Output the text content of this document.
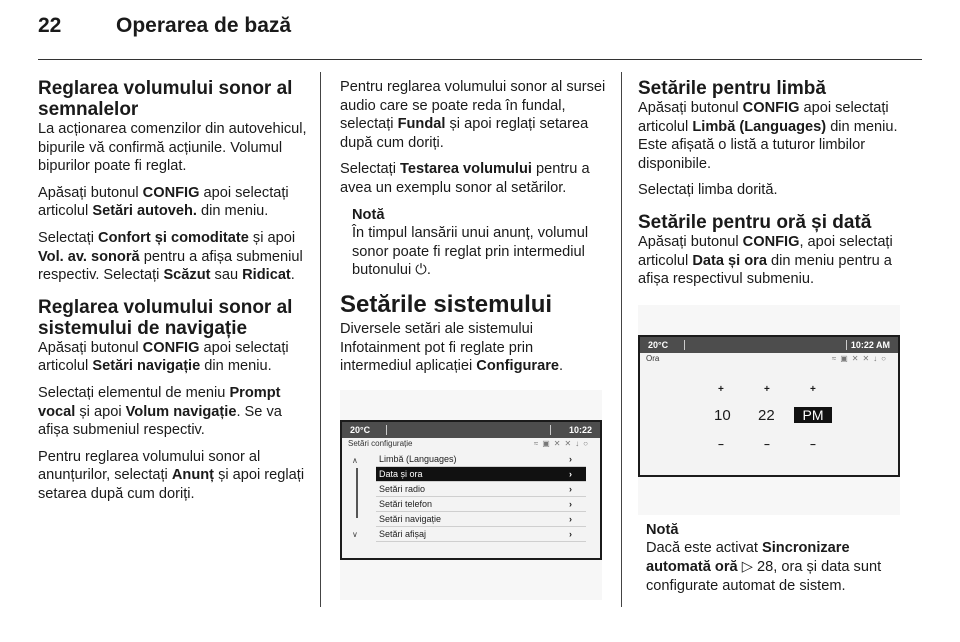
22	Operarea de bază
Reglarea volumului sonor al semnalelor

La acționarea comenzilor din autovehicul, bipurile vă confirmă acțiunile. Volumul bipurilor poate fi reglat.

Apăsați butonul CONFIG apoi selectați articolul Setări autoveh. din meniu.

Selectați Confort și comoditate și apoi Vol. av. sonoră pentru a afișa submeniul respectiv. Selectați Scăzut sau Ridicat.

Reglarea volumului sonor al sistemului de navigație

Apăsați butonul CONFIG apoi selectați articolul Setări navigație din meniu.

Selectați elementul de meniu Prompt vocal și apoi Volum navigație. Se va afișa submeniul respectiv.

Pentru reglarea volumului sonor al anunțurilor, selectați Anunț și apoi reglați setarea după cum doriți.

Pentru reglarea volumului sonor al sursei audio care se poate reda în fundal, selectați Fundal și apoi reglați setarea după cum doriți.

Selectați Testarea volumului pentru a avea un exemplu sonor al setărilor.

Notă
În timpul lansării unui anunț, volumul sonor poate fi reglat prin intermediul butonului ⏻.
Setările sistemului

Diversele setări ale sistemului Infotainment pot fi reglate prin intermediul aplicației Configurare.

20°C	10:22
Setări configurație	≈▣✕✕↓○
∧
∨
Limbă (Languages)	›
Data și ora	›
Setări radio	›
Setări telefon	›
Setări navigație	›
Setări afișaj	›
Setările pentru limbă

Apăsați butonul CONFIG apoi selectați articolul Limbă (Languages) din meniu. Este afișată o listă a tuturor limbilor disponibile.

Selectați limba dorită.

Setările pentru oră și dată

Apăsați butonul CONFIG, apoi selectați articolul Data și ora din meniu pentru a afișa respectivul submeniu.

20°C	10:22 AM
Ora	≈▣✕✕↓○
+	+	+
10 22	PM
−	−	−
Notă
Dacă este activat Sincronizare automată oră ▷ 28, ora și data sunt configurate automat de sistem.
